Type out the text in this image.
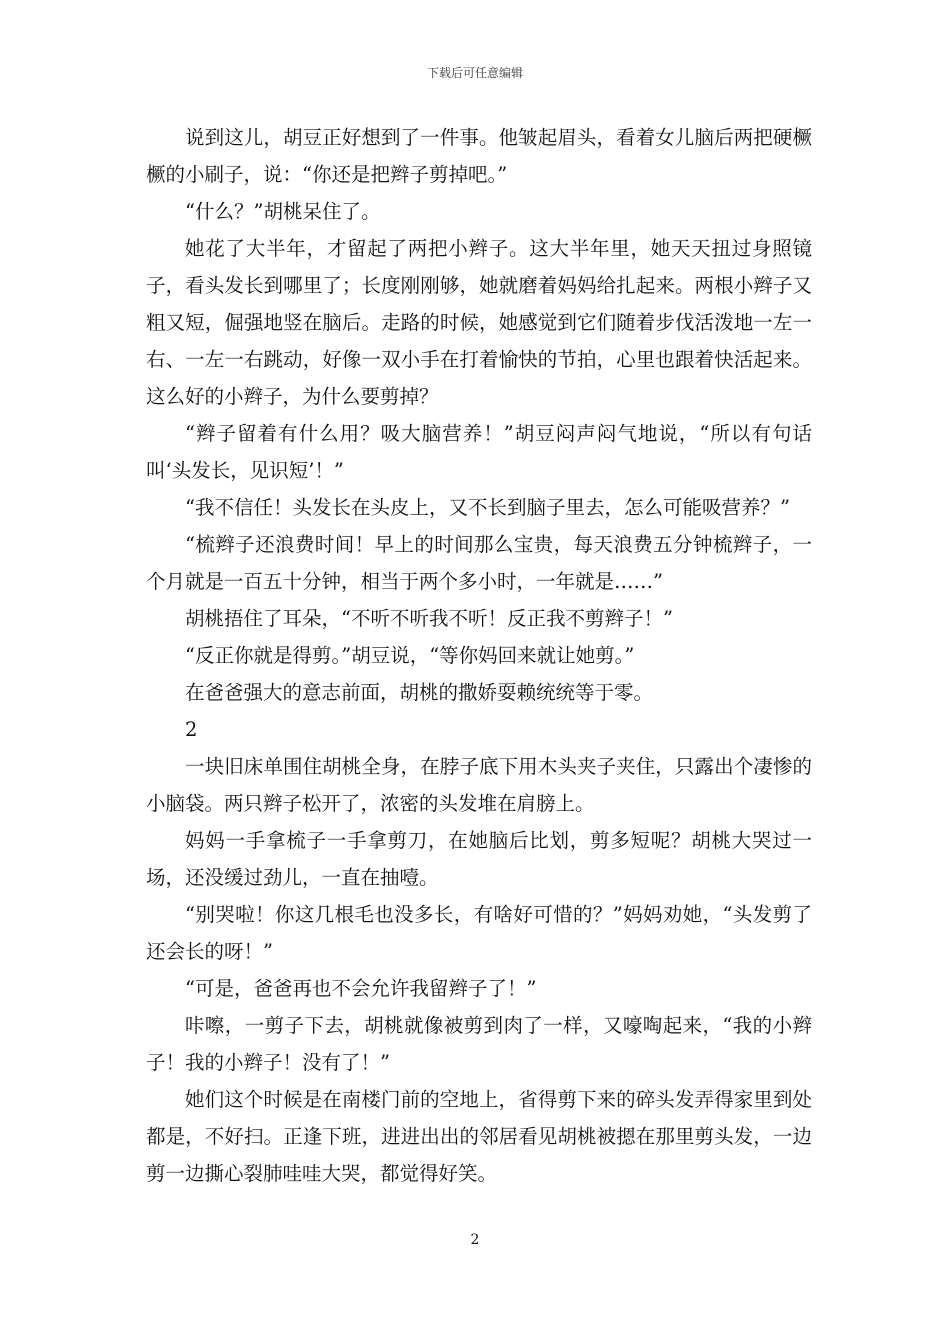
下载后可任意编辑

说到这儿，胡豆正好想到了一件事。他皱起眉头，看着女儿脑后两把硬橛橛的小刷子，说：“你还是把辫子剪掉吧。”

“什么？”胡桃呆住了。

她花了大半年，才留起了两把小辫子。这大半年里，她天天扭过身照镜子，看头发长到哪里了；长度刚刚够，她就磨着妈妈给扎起来。两根小辫子又粗又短，倔强地竖在脑后。走路的时候，她感觉到它们随着步伐活泼地一左一右、一左一右跳动，好像一双小手在打着愉快的节拍，心里也跟着快活起来。这么好的小辫子，为什么要剪掉？

“辫子留着有什么用？吸大脑营养！”胡豆闷声闷气地说，“所以有句话叫‘头发长，见识短’！”

“我不信任！头发长在头皮上，又不长到脑子里去，怎么可能吸营养？”

“梳辫子还浪费时间！早上的时间那么宝贵，每天浪费五分钟梳辫子，一个月就是一百五十分钟，相当于两个多小时，一年就是……”

胡桃捂住了耳朵，“不听不听我不听！反正我不剪辫子！”

“反正你就是得剪。”胡豆说，“等你妈回来就让她剪。”

在爸爸强大的意志前面，胡桃的撒娇耍赖统统等于零。

2

一块旧床单围住胡桃全身，在脖子底下用木头夹子夹住，只露出个凄惨的小脑袋。两只辫子松开了，浓密的头发堆在肩膀上。

妈妈一手拿梳子一手拿剪刀，在她脑后比划，剪多短呢？胡桃大哭过一场，还没缓过劲儿，一直在抽噎。

“别哭啦！你这几根毛也没多长，有啥好可惜的？”妈妈劝她，“头发剪了还会长的呀！”

“可是，爸爸再也不会允许我留辫子了！”

咔嚓，一剪子下去，胡桃就像被剪到肉了一样，又嚎啕起来，“我的小辫子！我的小辫子！没有了！”

她们这个时候是在南楼门前的空地上，省得剪下来的碎头发弄得家里到处都是，不好扫。正逢下班，进进出出的邻居看见胡桃被摁在那里剪头发，一边剪一边撕心裂肺哇哇大哭，都觉得好笑。

2
